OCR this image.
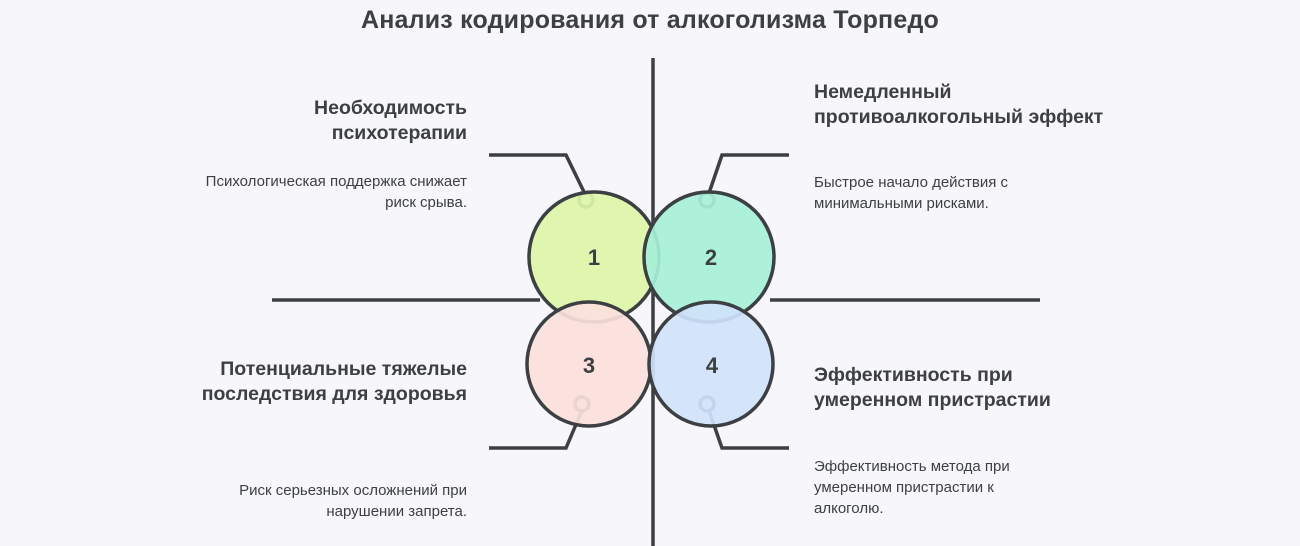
Анализ кодирования от алкоголизма Торпедо
1	2
3	4
Необходимость психотерапии
Психологическая поддержка снижает риск срыва.
Немедленный противоалкогольный эффект
Быстрое начало действия с минимальными рисками.
Потенциальные тяжелые последствия для здоровья
Риск серьезных осложнений при нарушении запрета.
Эффективность при умеренном пристрастии
Эффективность метода при умеренном пристрастии к алкоголю.
